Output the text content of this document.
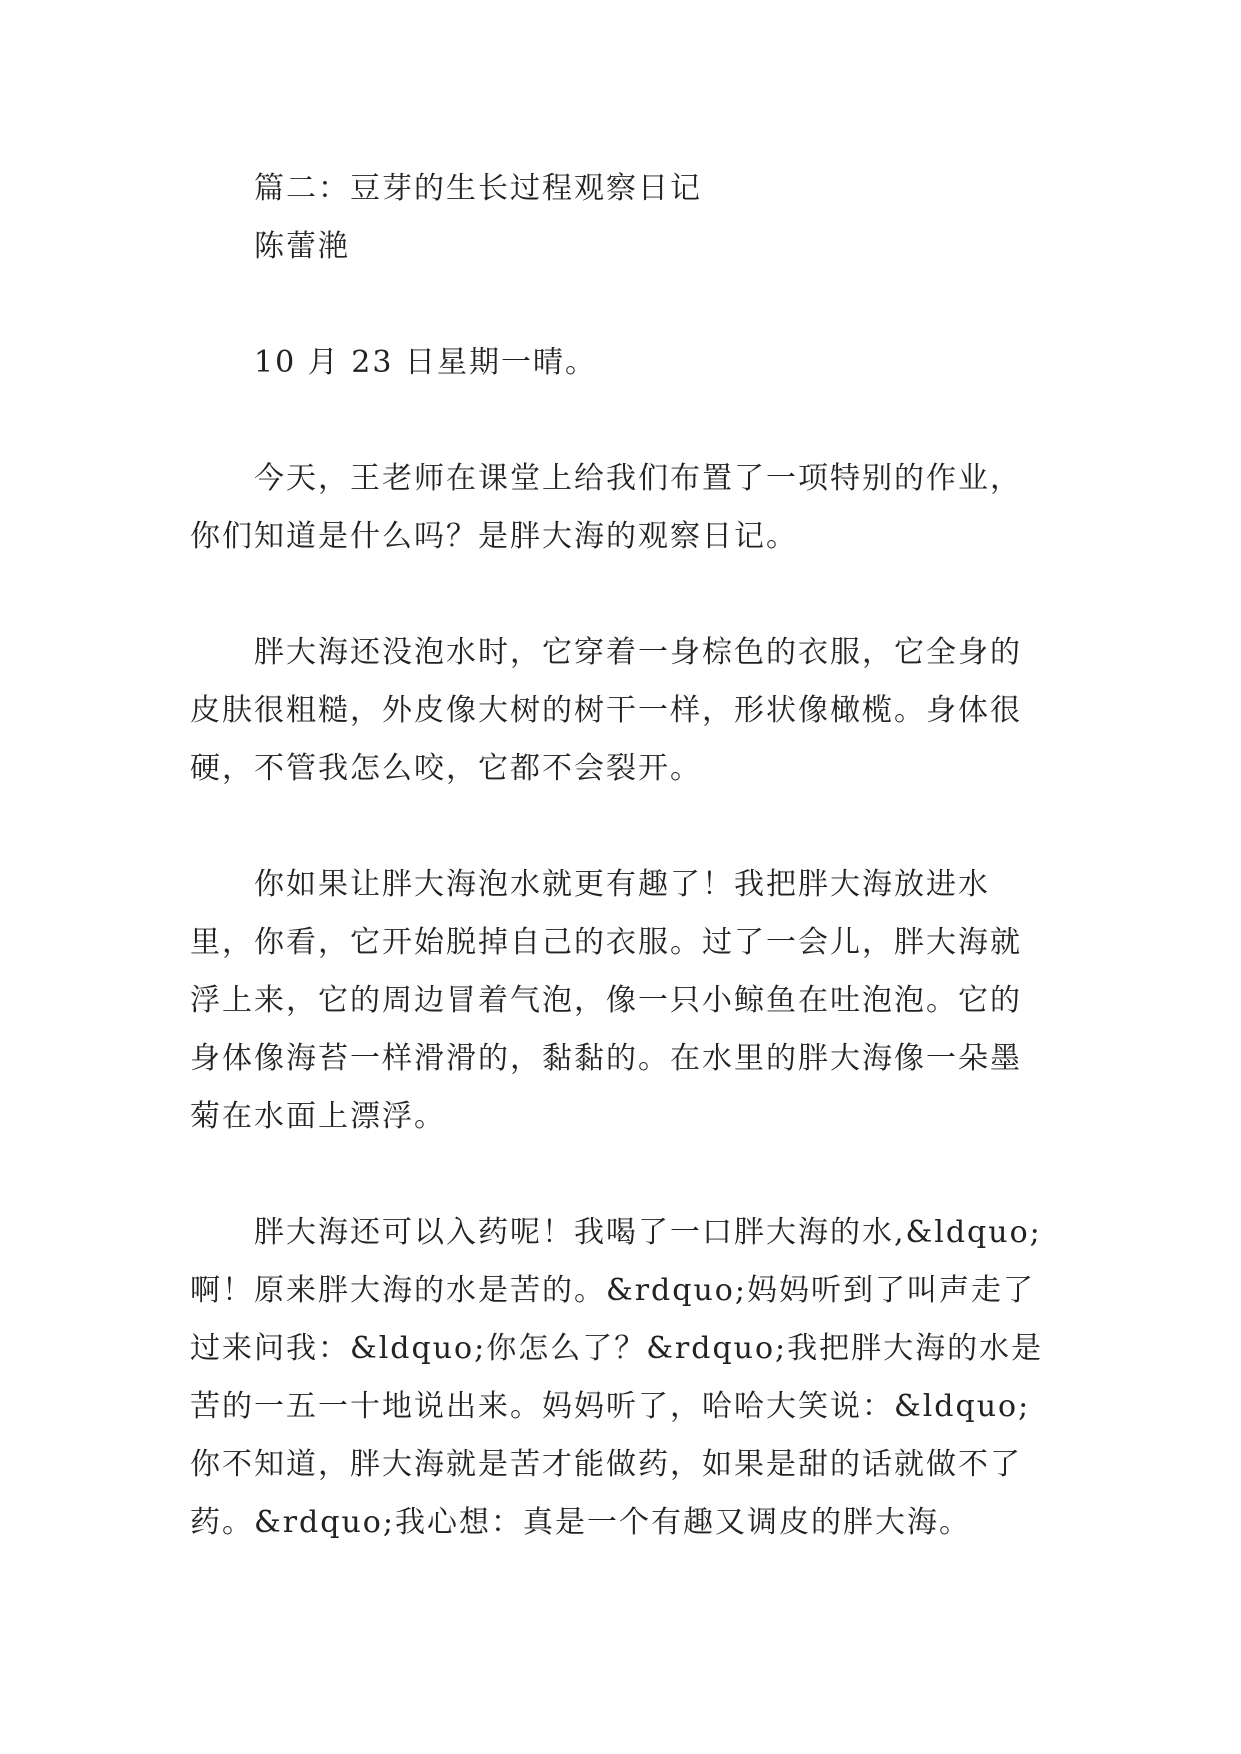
篇二：豆芽的生长过程观察日记
陈蕾滟
10 月 23 日星期一晴。

今天，王老师在课堂上给我们布置了一项特别的作业，你们知道是什么吗？是胖大海的观察日记。

胖大海还没泡水时，它穿着一身棕色的衣服，它全身的皮肤很粗糙，外皮像大树的树干一样，形状像橄榄。身体很硬，不管我怎么咬，它都不会裂开。

你如果让胖大海泡水就更有趣了！我把胖大海放进水里，你看，它开始脱掉自己的衣服。过了一会儿，胖大海就浮上来，它的周边冒着气泡，像一只小鲸鱼在吐泡泡。它的身体像海苔一样滑滑的，黏黏的。在水里的胖大海像一朵墨菊在水面上漂浮。

胖大海还可以入药呢！我喝了一口胖大海的水,&ldquo;啊！原来胖大海的水是苦的。&rdquo;妈妈听到了叫声走了过来问我：&ldquo;你怎么了？&rdquo;我把胖大海的水是苦的一五一十地说出来。妈妈听了，哈哈大笑说：&ldquo;你不知道，胖大海就是苦才能做药，如果是甜的话就做不了药。&rdquo;我心想：真是一个有趣又调皮的胖大海。
